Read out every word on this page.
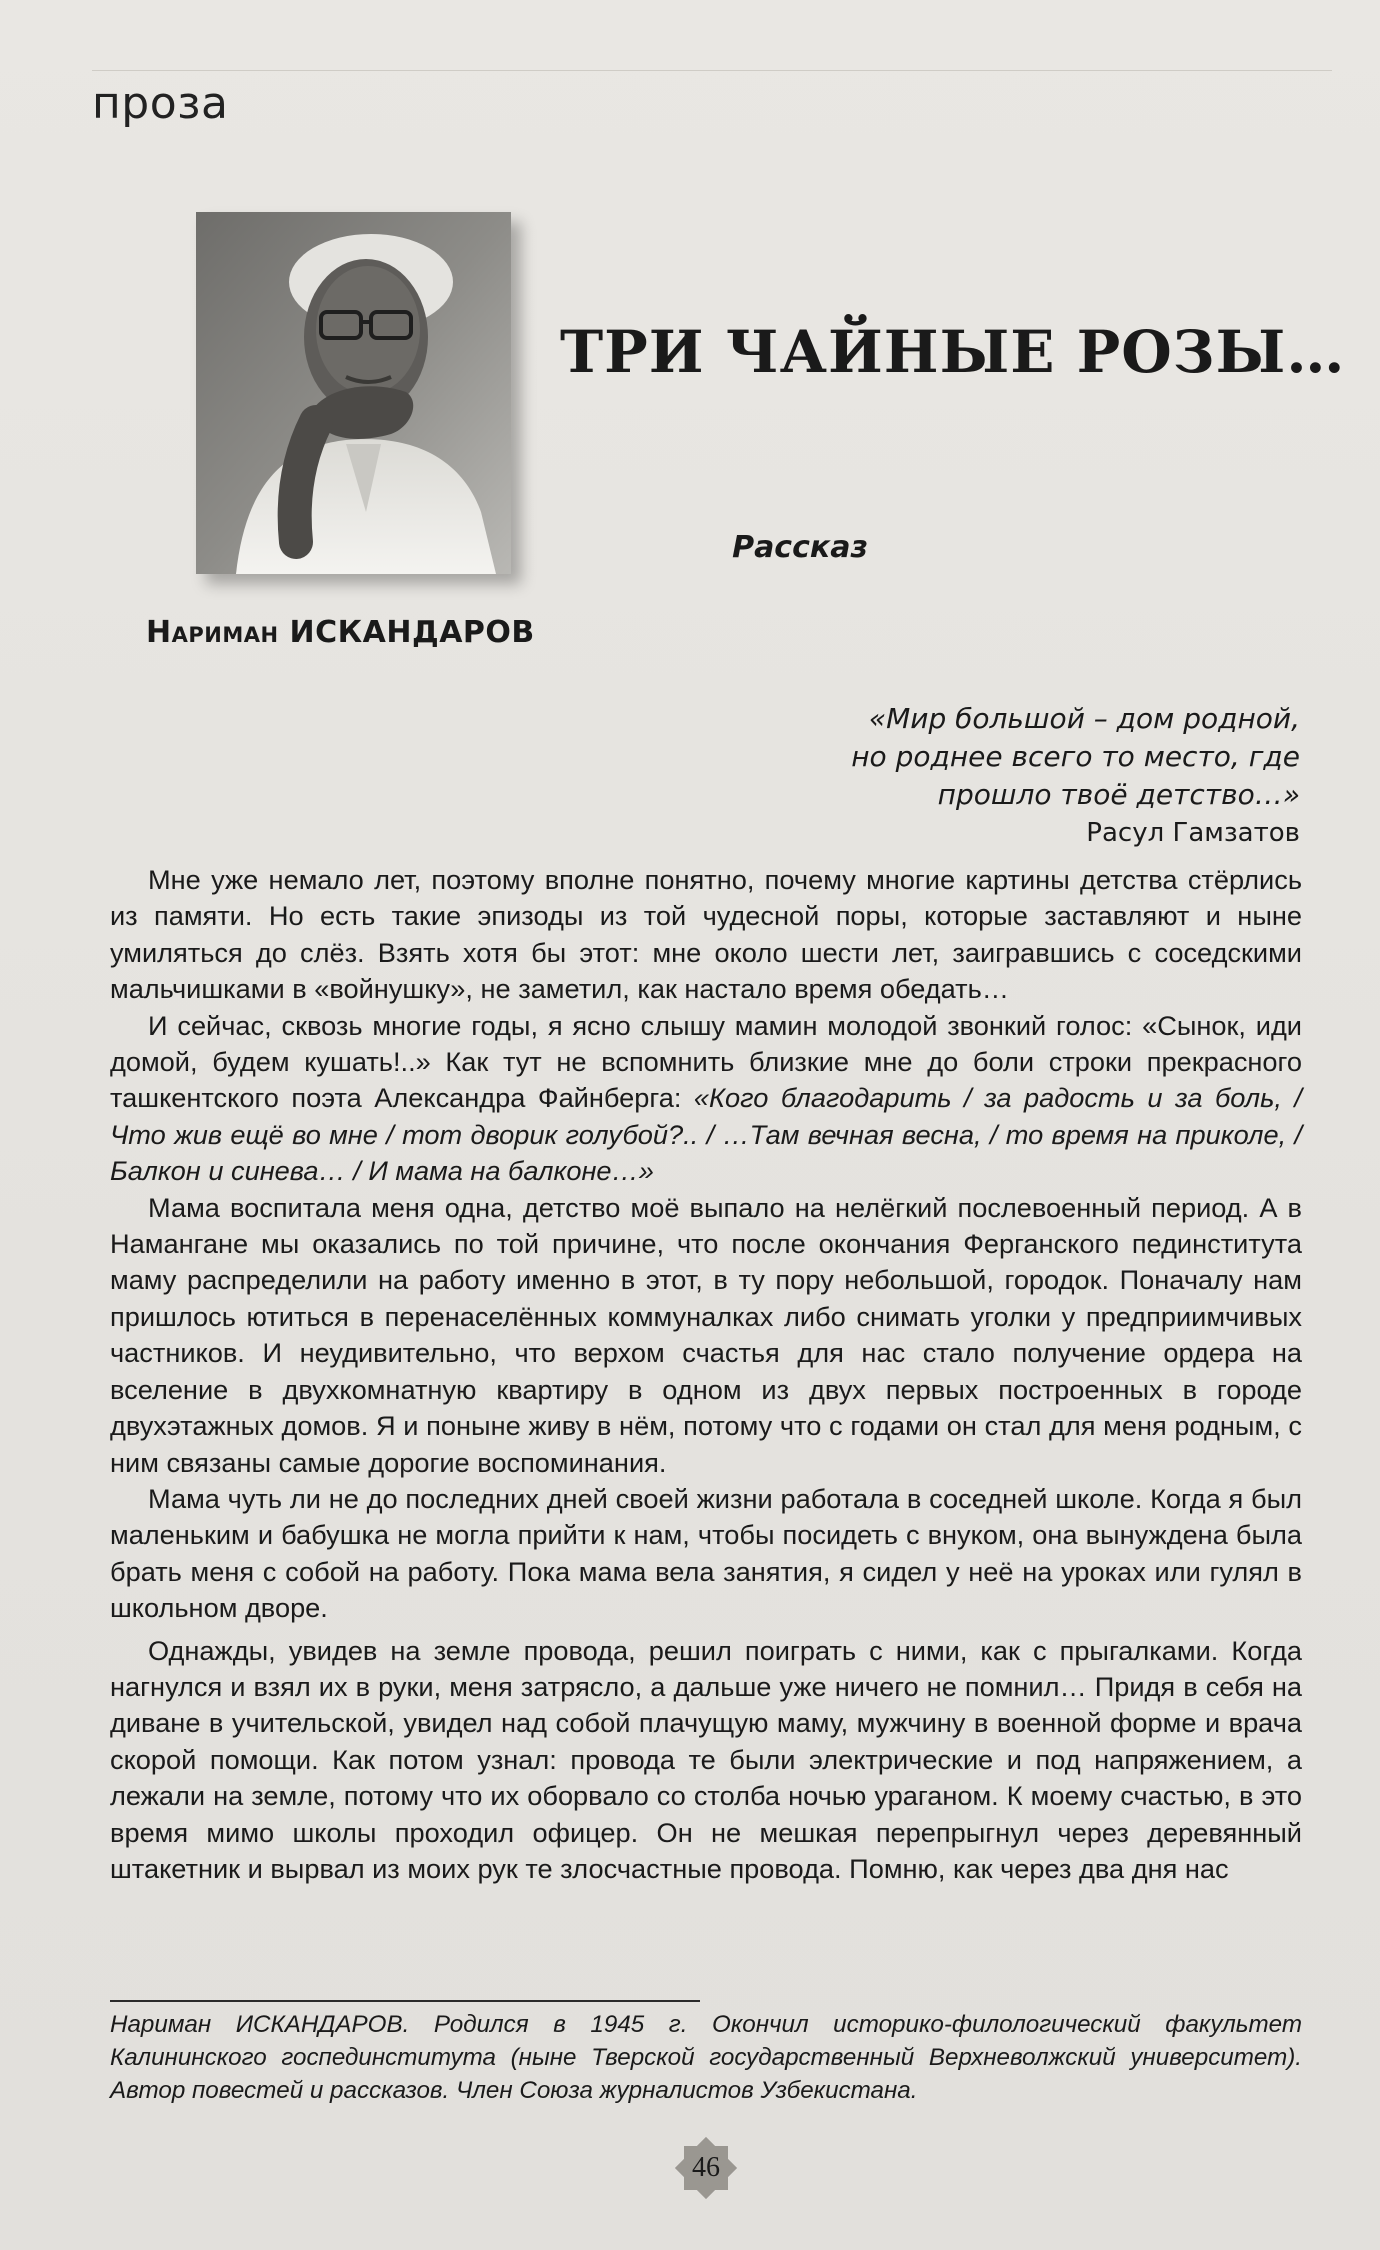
проза
Нариман ИСКАНДАРОВ
ТРИ ЧАЙНЫЕ РОЗЫ…
Рассказ
«Мир большой – дом родной,
но роднее всего то место, где
прошло твоё детство…»
Расул Гамзатов

Мне уже немало лет, поэтому вполне понятно, почему многие картины детства стёрлись из памяти. Но есть такие эпизоды из той чудесной поры, которые заставляют и ныне умиляться до слёз. Взять хотя бы этот: мне около шести лет, заигравшись с соседскими мальчишками в «войнушку», не заметил, как настало время обедать…

И сейчас, сквозь многие годы, я ясно слышу мамин молодой звонкий голос: «Сынок, иди домой, будем кушать!..» Как тут не вспомнить близкие мне до боли строки прекрасного ташкентского поэта Александра Файнберга: «Кого благодарить / за радость и за боль, / Что жив ещё во мне / тот дворик голубой?.. / …Там вечная весна, / то время на приколе, / Балкон и синева… / И мама на балконе…»

Мама воспитала меня одна, детство моё выпало на нелёгкий послевоенный период. А в Намангане мы оказались по той причине, что после окончания Ферганского пединститута маму распределили на работу именно в этот, в ту пору небольшой, городок. Поначалу нам пришлось ютиться в перенаселённых коммуналках либо снимать уголки у предприимчивых частников. И неудивительно, что верхом счастья для нас стало получение ордера на вселение в двухкомнатную квартиру в одном из двух первых построенных в городе двухэтажных домов. Я и поныне живу в нём, потому что с годами он стал для меня родным, с ним связаны самые дорогие воспоминания.

Мама чуть ли не до последних дней своей жизни работала в соседней школе. Когда я был маленьким и бабушка не могла прийти к нам, чтобы посидеть с внуком, она вынуждена была брать меня с собой на работу. Пока мама вела занятия, я сидел у неё на уроках или гулял в школьном дворе.

Однажды, увидев на земле провода, решил поиграть с ними, как с прыгалками. Когда нагнулся и взял их в руки, меня затрясло, а дальше уже ничего не помнил… Придя в себя на диване в учительской, увидел над собой плачущую маму, мужчину в военной форме и врача скорой помощи. Как потом узнал: провода те были электрические и под напряжением, а лежали на земле, потому что их оборвало со столба ночью ураганом. К моему счастью, в это время мимо школы проходил офицер. Он не мешкая перепрыгнул через деревянный штакетник и вырвал из моих рук те злосчастные провода. Помню, как через два дня нас

Нариман ИСКАНДАРОВ. Родился в 1945 г. Окончил историко-филологический факультет Калининского госпединститута (ныне Тверской государственный Верхневолжский университет). Автор повестей и рассказов. Член Союза журналистов Узбекистана.
46
